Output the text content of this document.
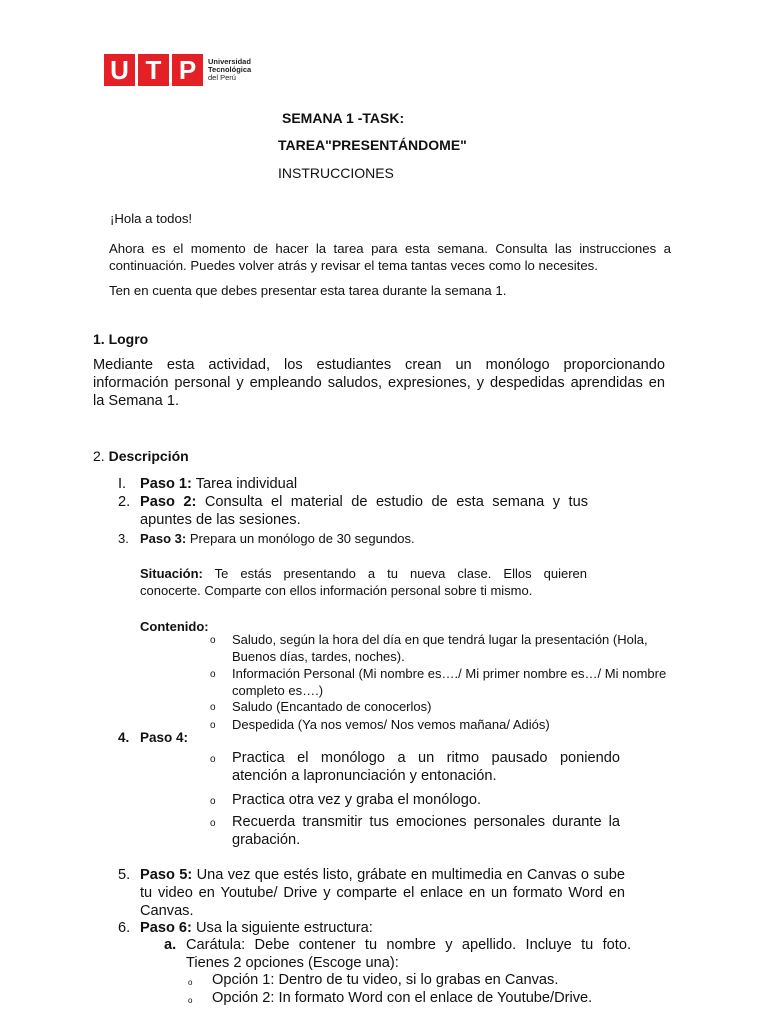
U T P	Universidad
Tecnológica
del Perú
SEMANA 1 -TASK:
TAREA"PRESENTÁNDOME"
INSTRUCCIONES
¡Hola a todos!
Ahora es el momento de hacer la tarea para esta semana. Consulta las instrucciones a
continuación. Puedes volver atrás y revisar el tema tantas veces como lo necesites.
Ten en cuenta que debes presentar esta tarea durante la semana 1.
1. Logro
Mediante esta actividad, los estudiantes crean un monólogo proporcionando
información personal y empleando saludos, expresiones, y despedidas aprendidas en
la Semana 1.
2. Descripción
I. Paso 1: Tarea individual
2. Paso 2: Consulta el material de estudio de esta semana y tus
apuntes de las sesiones.
3. Paso 3: Prepara un monólogo de 30 segundos.
Situación: Te estás presentando a tu nueva clase. Ellos quieren
conocerte. Comparte con ellos información personal sobre ti mismo.
Contenido:
o	Saludo, según la hora del día en que tendrá lugar la presentación (Hola,
Buenos días, tardes, noches).
o	Información Personal (Mi nombre es…./ Mi primer nombre es…/ Mi nombre
completo es….)
o	Saludo (Encantado de conocerlos)
o	Despedida (Ya nos vemos/ Nos vemos mañana/ Adiós)
4. Paso 4:
o	Practica el monólogo a un ritmo pausado poniendo
atención a lapronunciación y entonación.
o	Practica otra vez y graba el monólogo.
o	Recuerda transmitir tus emociones personales durante la
grabación.
5. Paso 5: Una vez que estés listo, grábate en multimedia en Canvas o sube
tu video en Youtube/ Drive y comparte el enlace en un formato Word en
Canvas.
6. Paso 6: Usa la siguiente estructura:
a. Carátula: Debe contener tu nombre y apellido. Incluye tu foto.
Tienes 2 opciones (Escoge una):
o	Opción 1: Dentro de tu video, si lo grabas en Canvas.
o	Opción 2: In formato Word con el enlace de Youtube/Drive.
